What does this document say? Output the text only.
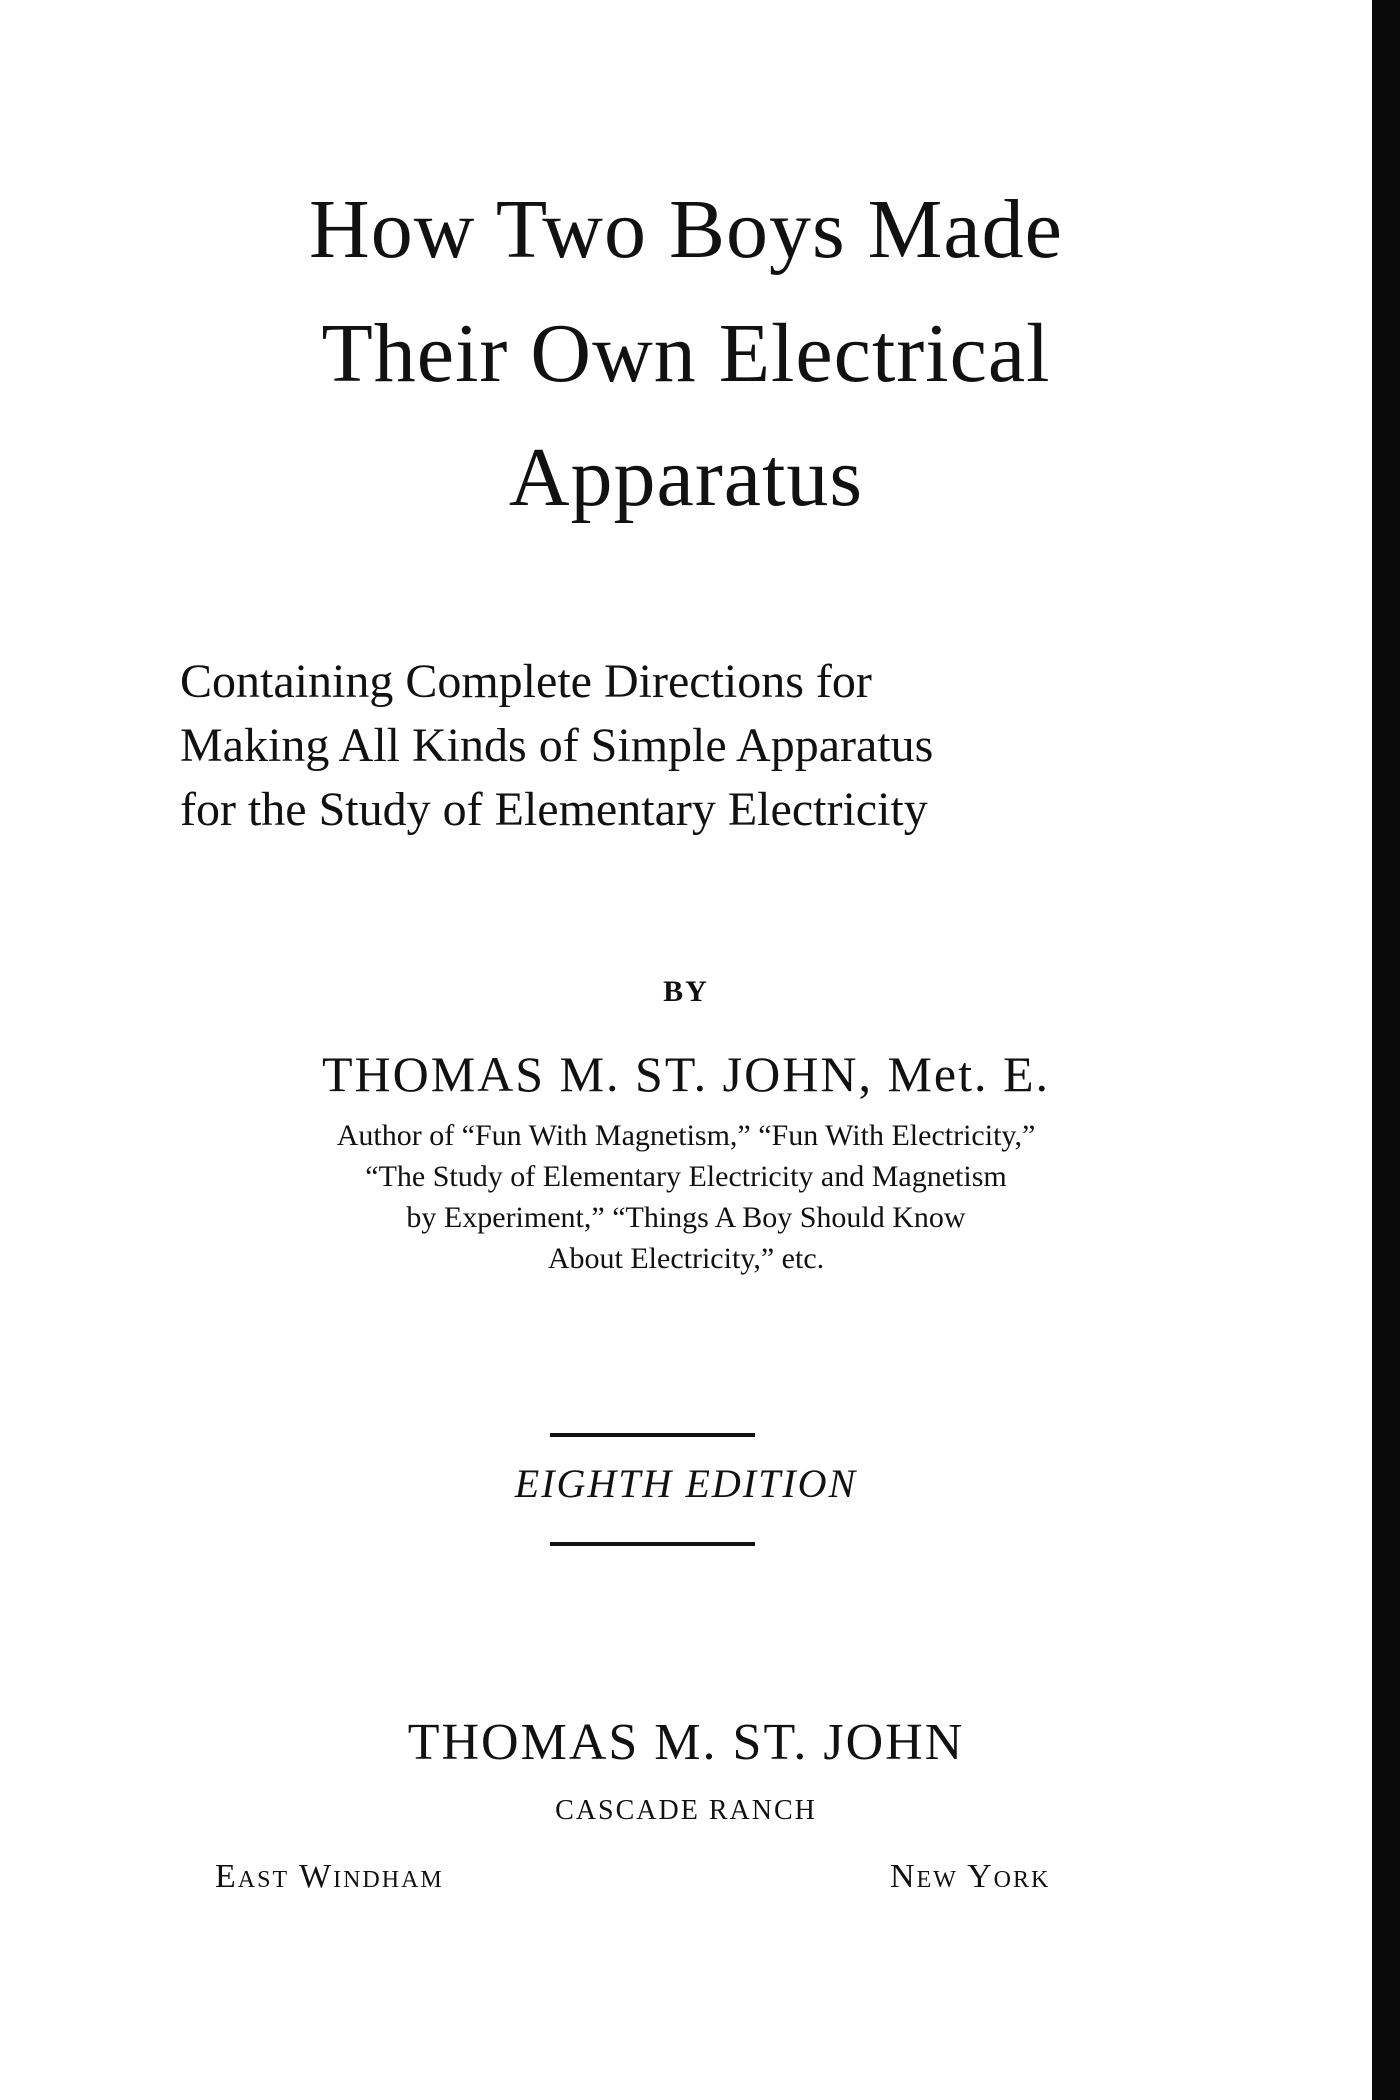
How Two Boys Made
Their Own Electrical
Apparatus
Containing Complete Directions for
Making All Kinds of Simple Apparatus
for the Study of Elementary Electricity
BY
THOMAS M. ST. JOHN, Met. E.
Author of “Fun With Magnetism,” “Fun With Electricity,”
“The Study of Elementary Electricity and Magnetism
by Experiment,” “Things A Boy Should Know
About Electricity,” etc.
EIGHTH EDITION
THOMAS M. ST. JOHN
CASCADE RANCH
East Windham	New York
